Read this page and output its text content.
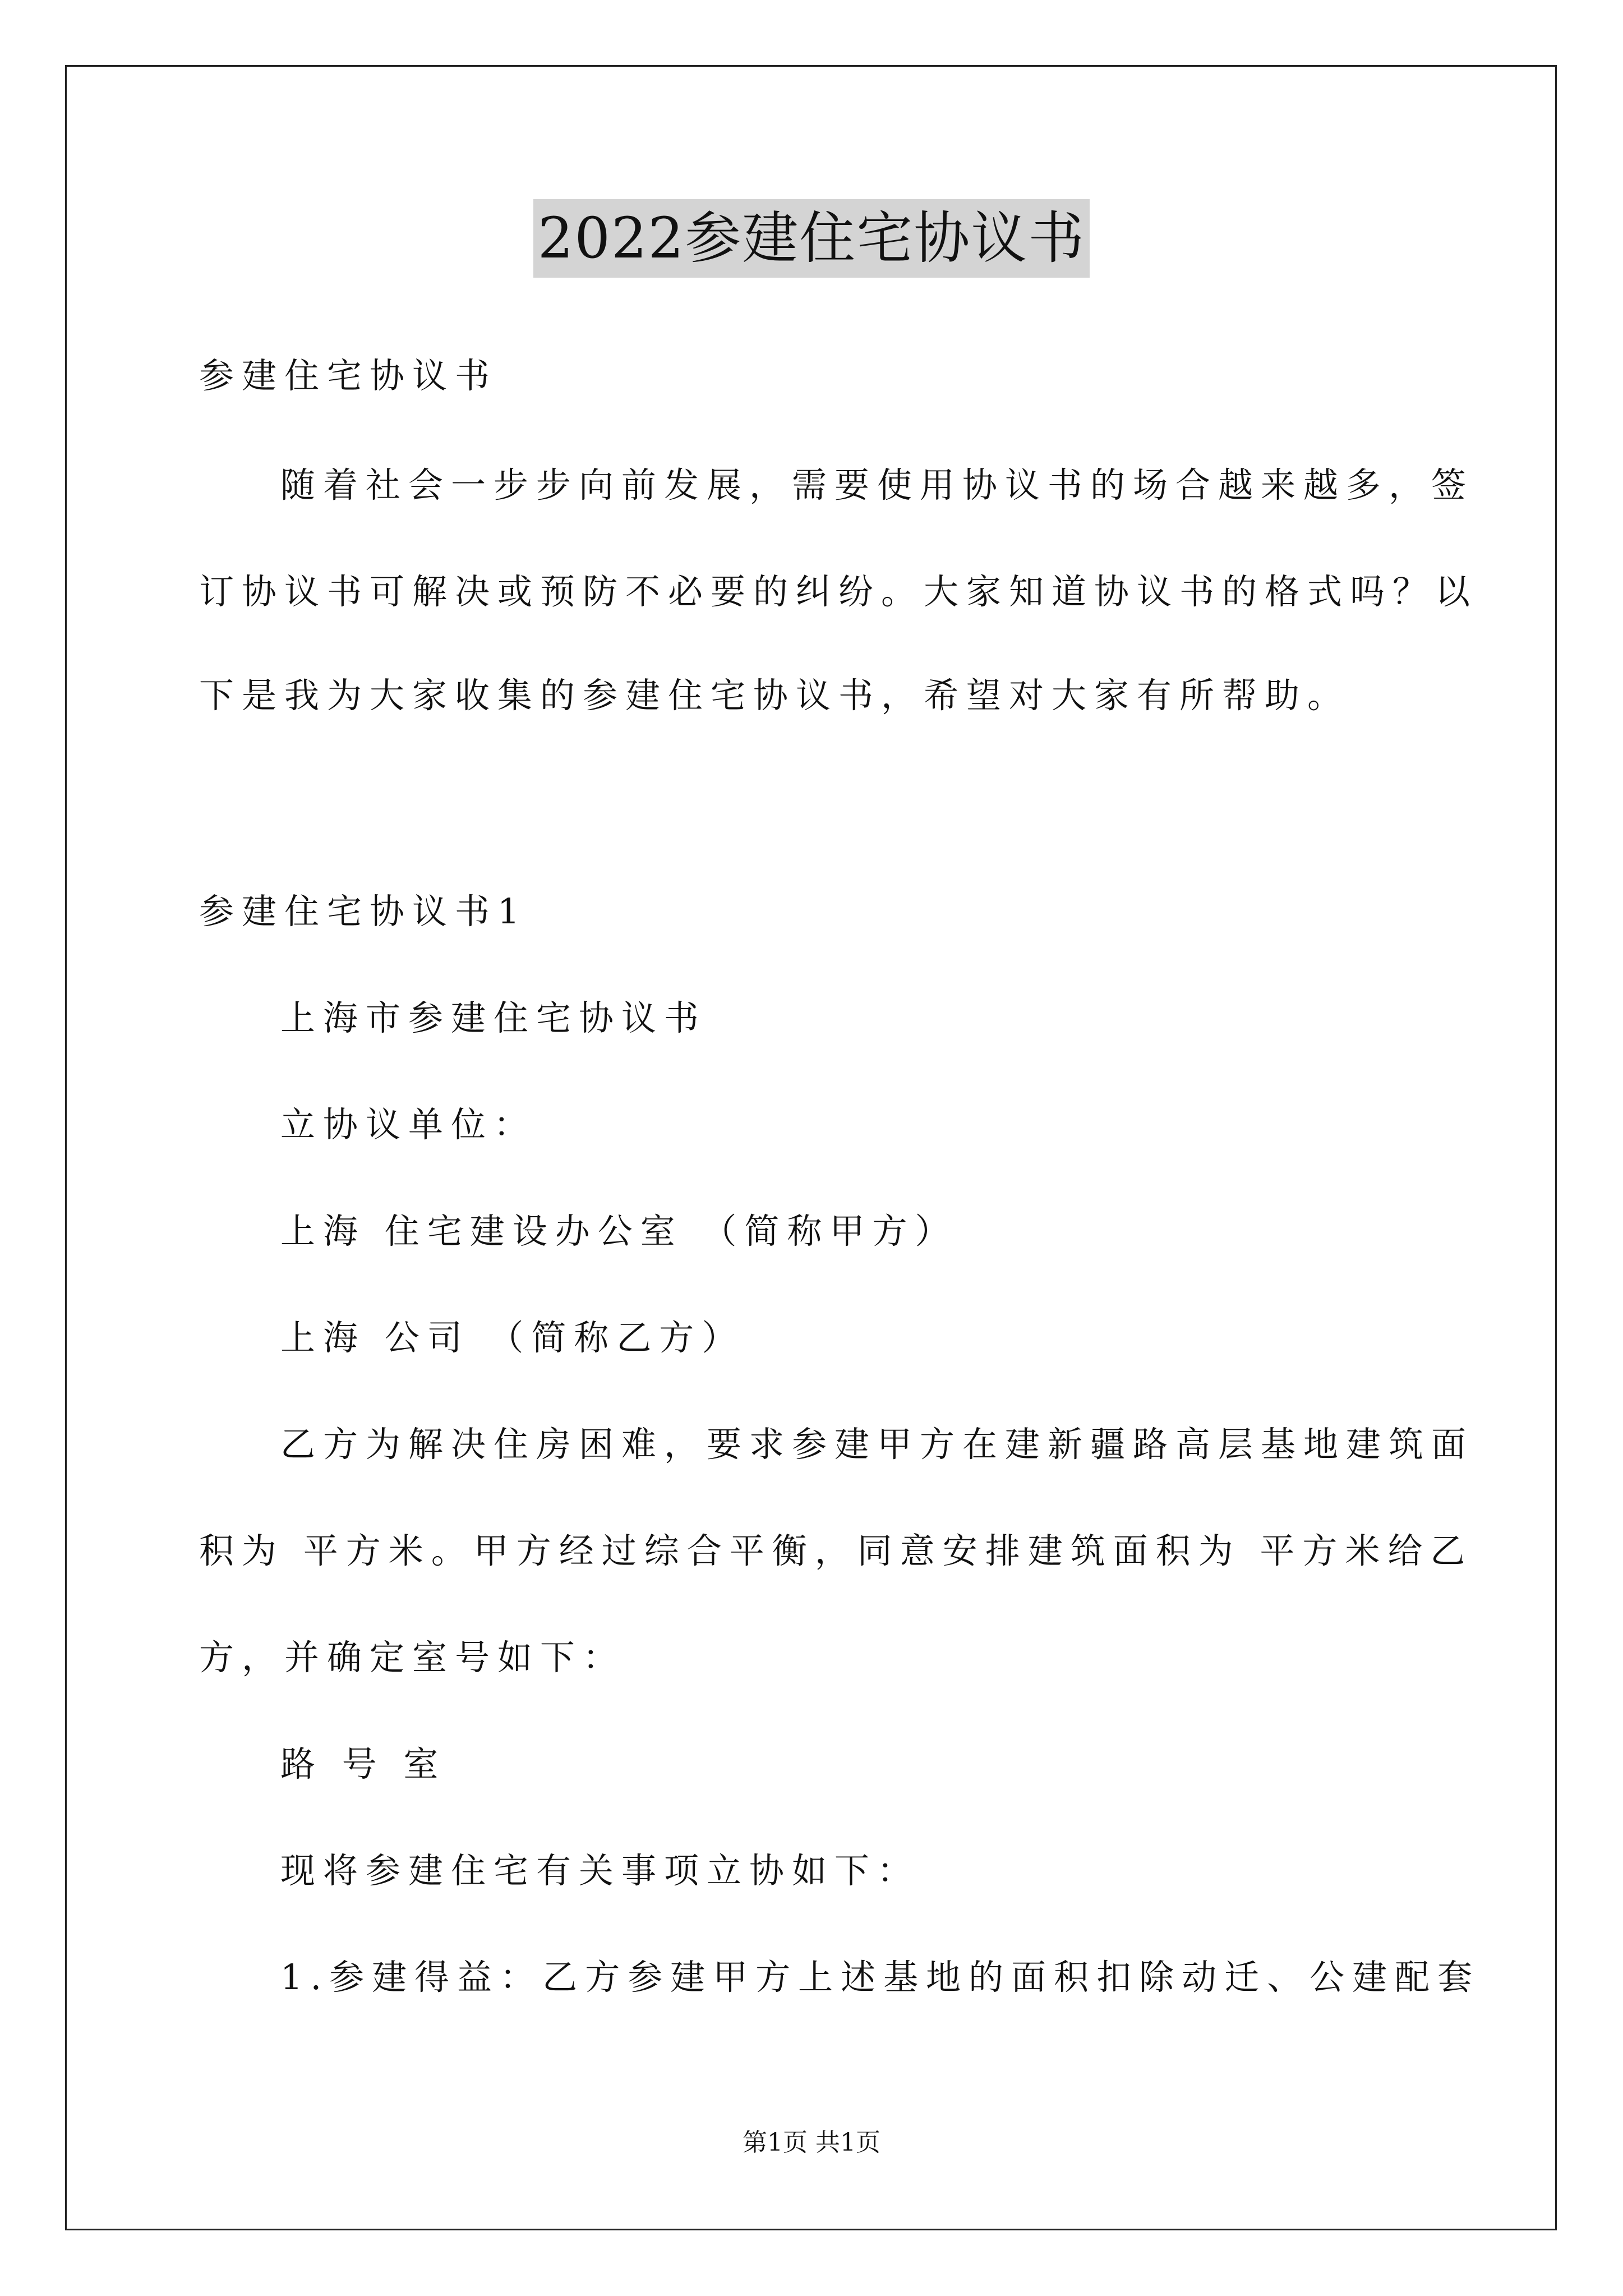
2022参建住宅协议书
参建住宅协议书
随着社会一步步向前发展，需要使用协议书的场合越来越多，签
订协议书可解决或预防不必要的纠纷。大家知道协议书的格式吗？以
下是我为大家收集的参建住宅协议书，希望对大家有所帮助。
参建住宅协议书1
上海市参建住宅协议书
立协议单位：
上海 住宅建设办公室 （简称甲方）
上海 公司 （简称乙方）
乙方为解决住房困难，要求参建甲方在建新疆路高层基地建筑面
积为 平方米。甲方经过综合平衡，同意安排建筑面积为 平方米给乙
方，并确定室号如下：
路 号 室
现将参建住宅有关事项立协如下：
1.参建得益：乙方参建甲方上述基地的面积扣除动迁、公建配套
第1页 共1页
